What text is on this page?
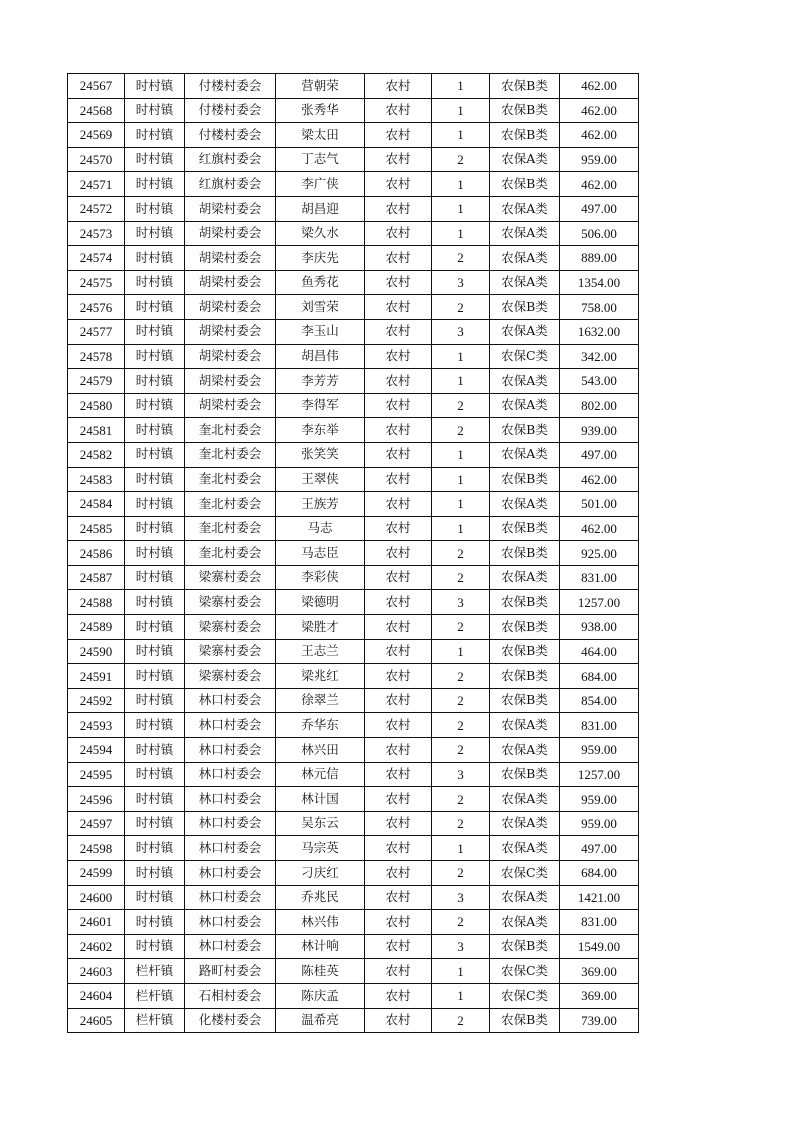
24567	时村镇	付楼村委会	营朝荣	农村	1	农保B类	462.00
24568	时村镇	付楼村委会	张秀华	农村	1	农保B类	462.00
24569	时村镇	付楼村委会	梁太田	农村	1	农保B类	462.00
24570	时村镇	红旗村委会	丁志气	农村	2	农保A类	959.00
24571	时村镇	红旗村委会	李广侠	农村	1	农保B类	462.00
24572	时村镇	胡梁村委会	胡昌迎	农村	1	农保A类	497.00
24573	时村镇	胡梁村委会	梁久水	农村	1	农保A类	506.00
24574	时村镇	胡梁村委会	李庆先	农村	2	农保A类	889.00
24575	时村镇	胡梁村委会	鱼秀花	农村	3	农保A类	1354.00
24576	时村镇	胡梁村委会	刘雪荣	农村	2	农保B类	758.00
24577	时村镇	胡梁村委会	李玉山	农村	3	农保A类	1632.00
24578	时村镇	胡梁村委会	胡昌伟	农村	1	农保C类	342.00
24579	时村镇	胡梁村委会	李芳芳	农村	1	农保A类	543.00
24580	时村镇	胡梁村委会	李得军	农村	2	农保A类	802.00
24581	时村镇	奎北村委会	李东举	农村	2	农保B类	939.00
24582	时村镇	奎北村委会	张笑笑	农村	1	农保A类	497.00
24583	时村镇	奎北村委会	王翠侠	农村	1	农保B类	462.00
24584	时村镇	奎北村委会	王族芳	农村	1	农保A类	501.00
24585	时村镇	奎北村委会	马志	农村	1	农保B类	462.00
24586	时村镇	奎北村委会	马志臣	农村	2	农保B类	925.00
24587	时村镇	梁寨村委会	李彩侠	农村	2	农保A类	831.00
24588	时村镇	梁寨村委会	梁德明	农村	3	农保B类	1257.00
24589	时村镇	梁寨村委会	梁胜才	农村	2	农保B类	938.00
24590	时村镇	梁寨村委会	王志兰	农村	1	农保B类	464.00
24591	时村镇	梁寨村委会	梁兆红	农村	2	农保B类	684.00
24592	时村镇	林口村委会	徐翠兰	农村	2	农保B类	854.00
24593	时村镇	林口村委会	乔华东	农村	2	农保A类	831.00
24594	时村镇	林口村委会	林兴田	农村	2	农保A类	959.00
24595	时村镇	林口村委会	林元信	农村	3	农保B类	1257.00
24596	时村镇	林口村委会	林计国	农村	2	农保A类	959.00
24597	时村镇	林口村委会	吴东云	农村	2	农保A类	959.00
24598	时村镇	林口村委会	马宗英	农村	1	农保A类	497.00
24599	时村镇	林口村委会	刁庆红	农村	2	农保C类	684.00
24600	时村镇	林口村委会	乔兆民	农村	3	农保A类	1421.00
24601	时村镇	林口村委会	林兴伟	农村	2	农保A类	831.00
24602	时村镇	林口村委会	林计响	农村	3	农保B类	1549.00
24603	栏杆镇	路町村委会	陈桂英	农村	1	农保C类	369.00
24604	栏杆镇	石相村委会	陈庆孟	农村	1	农保C类	369.00
24605	栏杆镇	化楼村委会	温希亮	农村	2	农保B类	739.00
